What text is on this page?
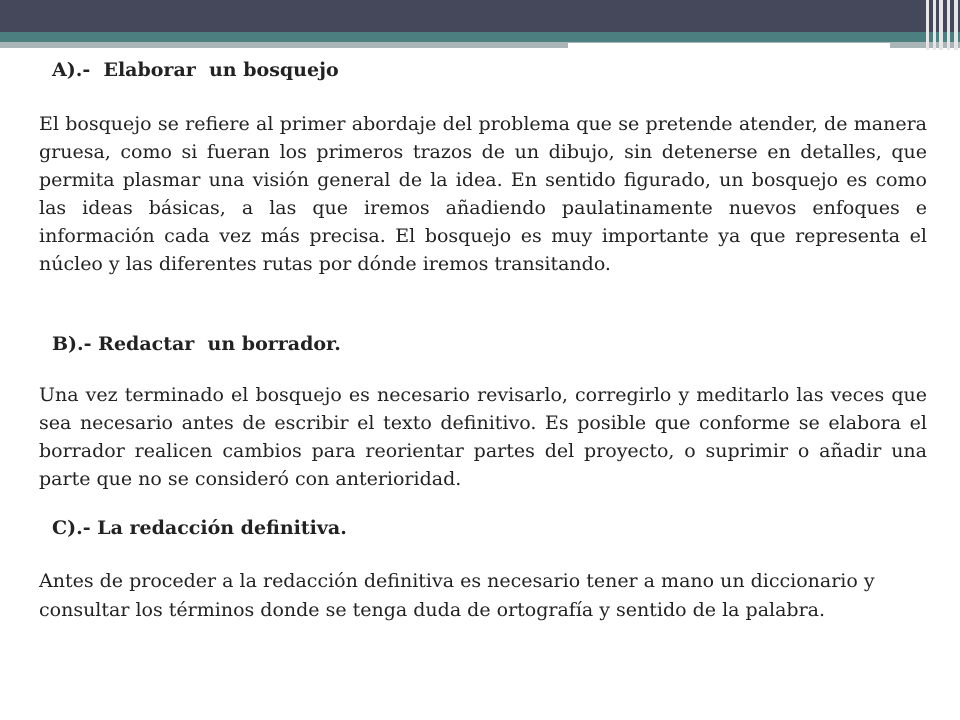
A).-  Elaborar  un bosquejo

El bosquejo se refiere al primer abordaje del problema que se pretende atender, de manera gruesa, como si fueran los primeros trazos de un dibujo, sin detenerse en detalles, que permita plasmar una visión general de la idea. En sentido figurado, un bosquejo es como las ideas básicas, a las que iremos añadiendo paulatinamente nuevos enfoques e información cada vez más precisa. El bosquejo es muy importante ya que representa el núcleo y las diferentes rutas por dónde iremos transitando.

B).- Redactar  un borrador.

Una vez terminado el bosquejo es necesario revisarlo, corregirlo y meditarlo las veces que sea necesario antes de escribir el texto definitivo. Es posible que conforme se elabora el borrador realicen cambios para reorientar partes del proyecto, o suprimir o añadir una parte que no se consideró con anterioridad.

C).- La redacción definitiva.

Antes de proceder a la redacción definitiva es necesario tener a mano un diccionario y consultar los términos donde se tenga duda de ortografía y sentido de la palabra.
